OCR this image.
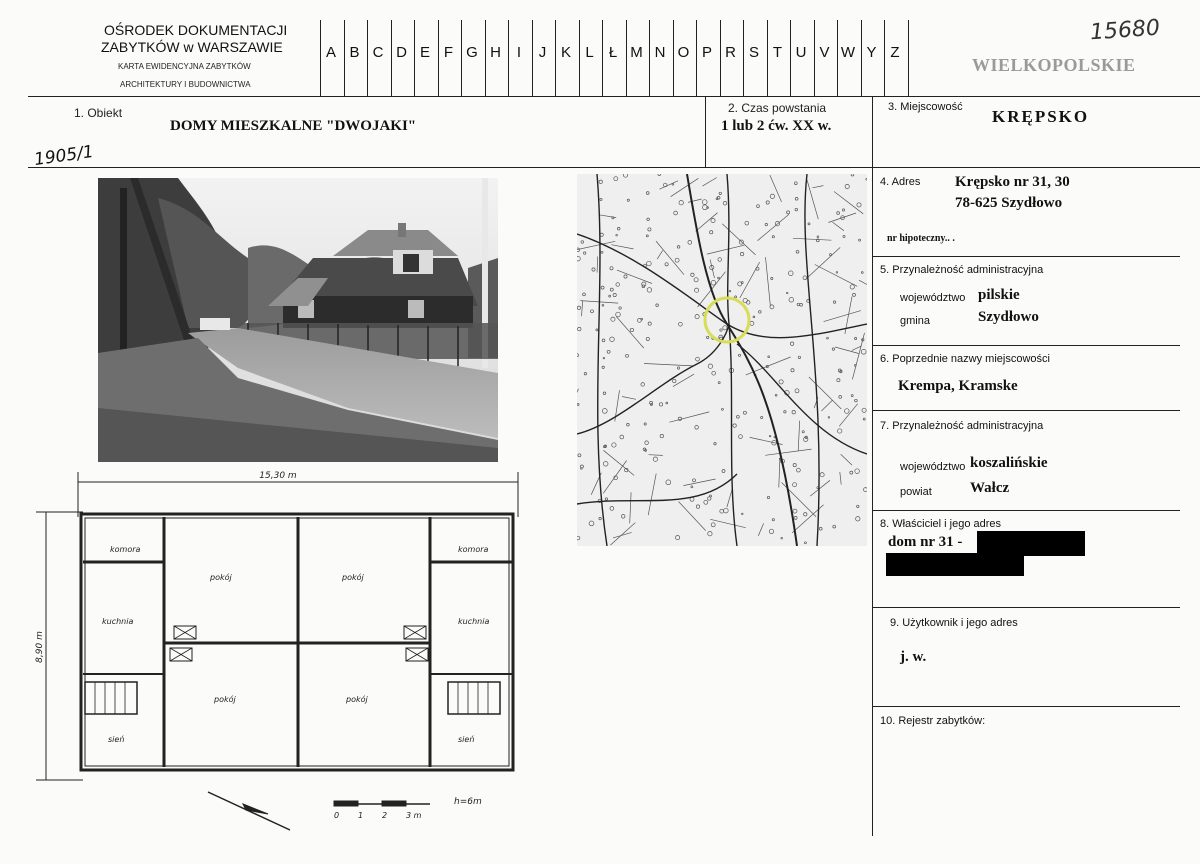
OŚRODEK DOKUMENTACJI
ZABYTKÓW w WARSZAWIE
KARTA EWIDENCYJNA ZABYTKÓW
ARCHITEKTURY I BUDOWNICTWA
A B C D E F G H	I	J K L	Ł M N O P R S T U V W Y Z
WIELKOPOLSKIE
15680
1. Obiekt
DOMY MIESZKALNE "DWOJAKI"
1905/1
2. Czas powstania
1 lub 2 ćw. XX w.
3. Miejscowość KRĘPSKO
4. Adres Krępsko nr 31, 30
78-625 Szydłowo
nr hipoteczny.. .
5. Przynależność administracyjna
województwo pilskie
gmina	Szydłowo
6. Poprzednie nazwy miejscowości
Krempa, Kramske
7. Przynależność administracyjna
województwo koszalińskie
powiat	Wałcz
8. Właściciel i jego adres
dom nr 31 -
9. Użytkownik i jego adres
j. w.
10. Rejestr zabytków:
15,30 m
8,90 m
komora	komora
pokój	pokój
kuchnia	kuchnia
pokój	pokój
sień	sień
0 1 2 3 m
h=6m
